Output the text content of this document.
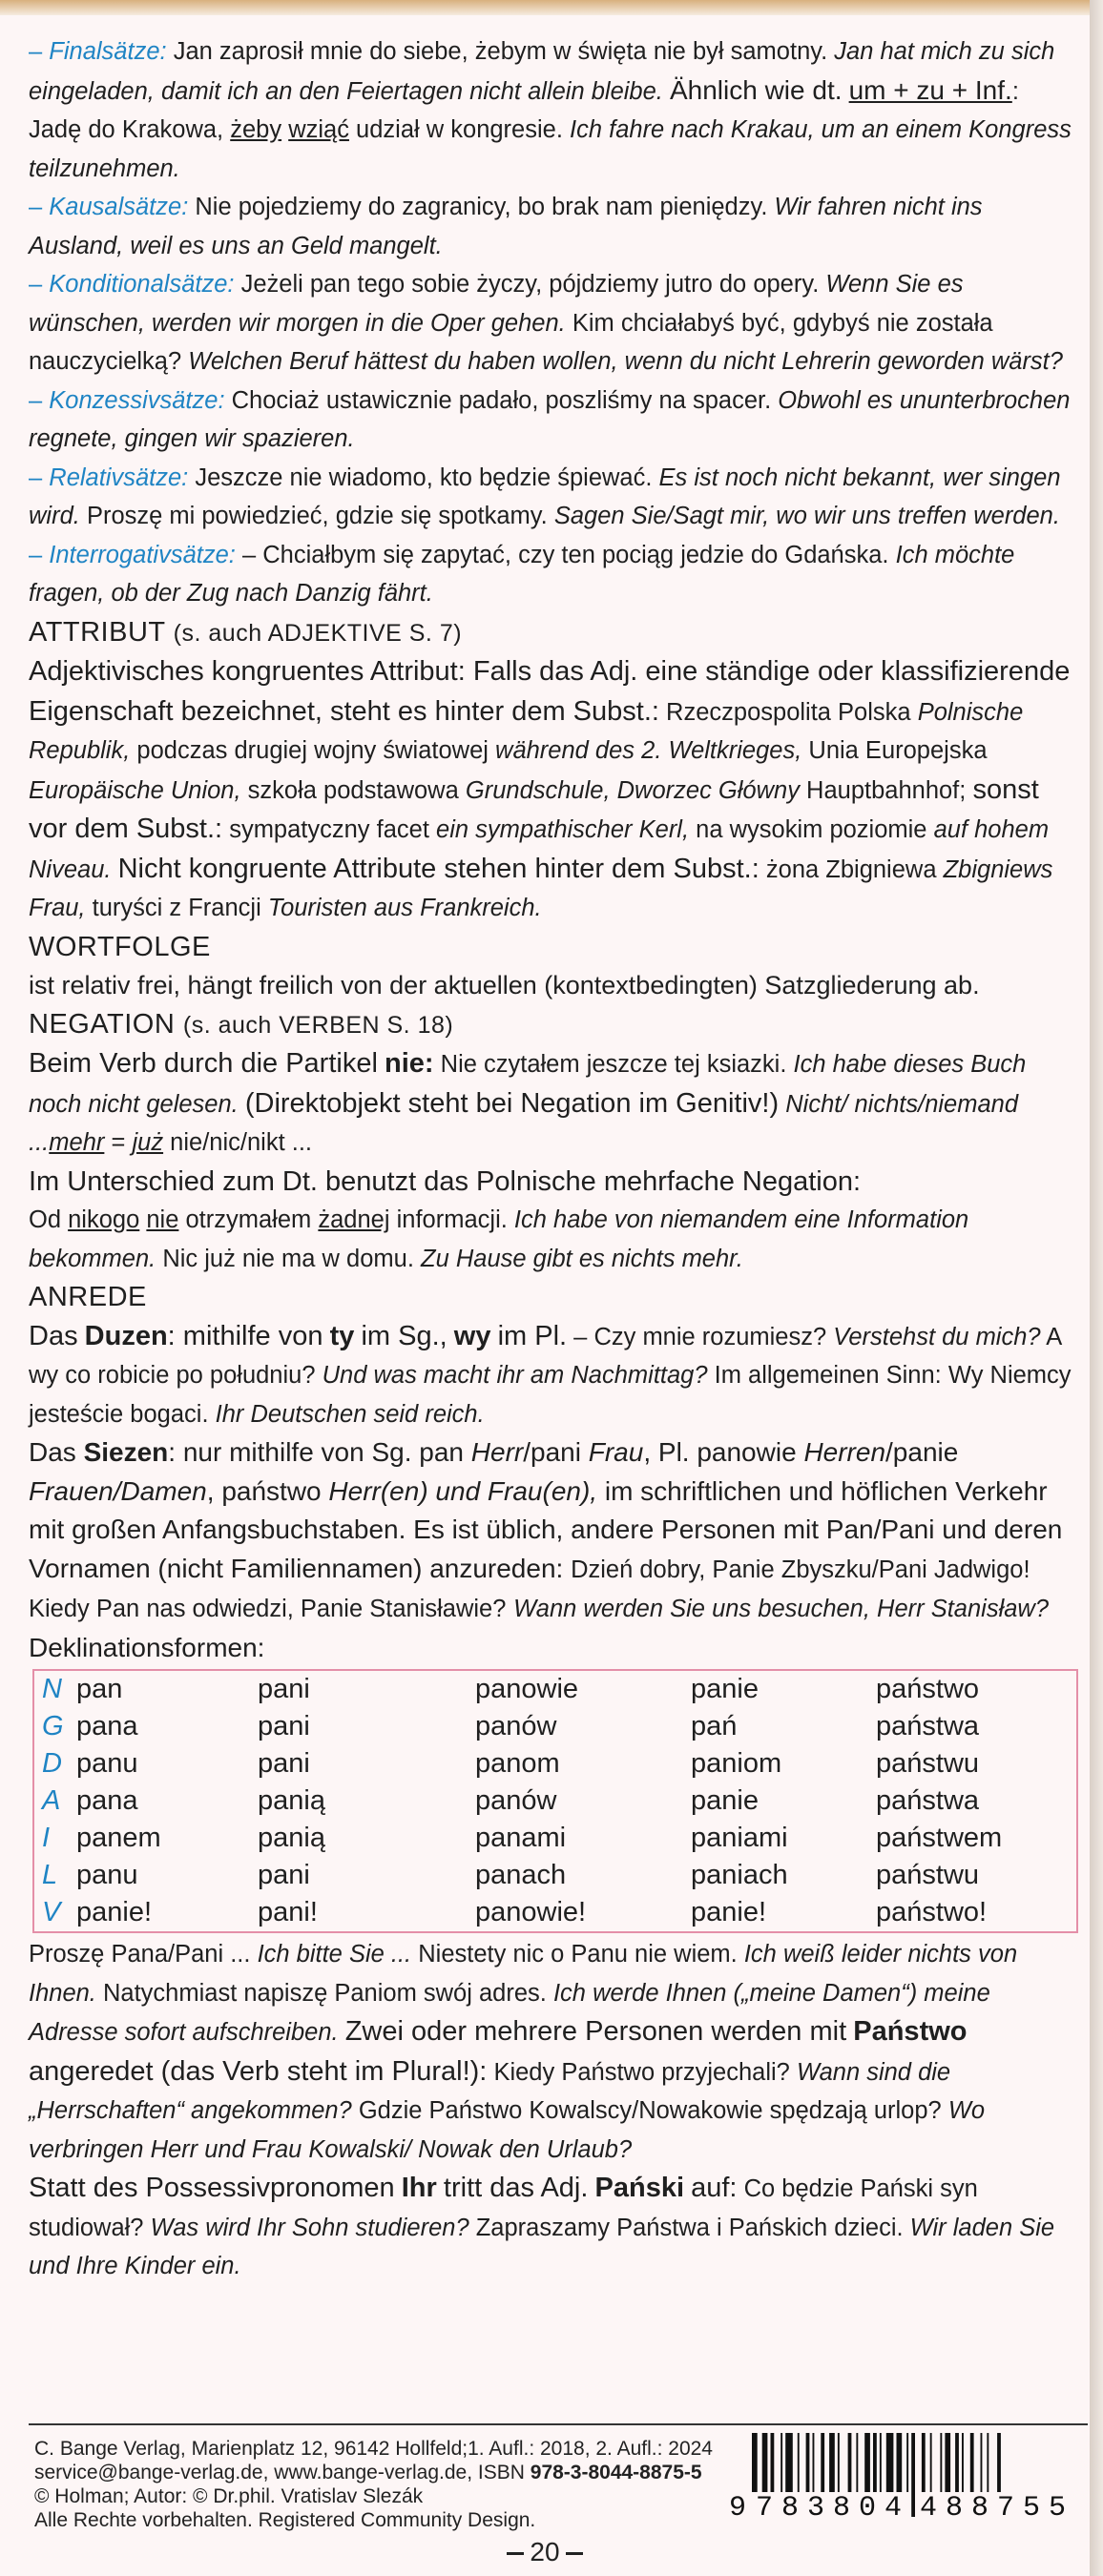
– Finalsätze: Jan zaprosił mnie do siebe, żebym w święta nie był samotny. Jan hat mich zu sich eingeladen, damit ich an den Feiertagen nicht allein bleibe. Ähnlich wie dt. um + zu + Inf.: Jadę do Krakowa, żeby wziąć udział w kongresie. Ich fahre nach Krakau, um an einem Kongress teilzunehmen.

– Kausalsätze: Nie pojedziemy do zagranicy, bo brak nam pieniędzy. Wir fahren nicht ins Ausland, weil es uns an Geld mangelt.

– Konditionalsätze: Jeżeli pan tego sobie życzy, pójdziemy jutro do opery. Wenn Sie es wünschen, werden wir morgen in die Oper gehen. Kim chciałabyś być, gdybyś nie została nauczycielką? Welchen Beruf hättest du haben wollen, wenn du nicht Lehrerin geworden wärst?

– Konzessivsätze: Chociaż ustawicznie padało, poszliśmy na spacer. Obwohl es ununterbrochen regnete, gingen wir spazieren.

– Relativsätze: Jeszcze nie wiadomo, kto będzie śpiewać. Es ist noch nicht bekannt, wer singen wird. Proszę mi powiedzieć, gdzie się spotkamy. Sagen Sie/Sagt mir, wo wir uns treffen werden.

– Interrogativsätze: – Chciałbym się zapytać, czy ten pociąg jedzie do Gdańska. Ich möchte fragen, ob der Zug nach Danzig fährt.

ATTRIBUT (s. auch ADJEKTIVE S. 7)

Adjektivisches kongruentes Attribut: Falls das Adj. eine ständige oder klassifizierende Eigenschaft bezeichnet, steht es hinter dem Subst.: Rzeczpospolita Polska Polnische Republik, podczas drugiej wojny światowej während des 2. Weltkrieges, Unia Europejska Europäische Union, szkoła podstawowa Grundschule, Dworzec Główny Hauptbahnhof; sonst vor dem Subst.: sympatyczny facet ein sympathischer Kerl, na wysokim poziomie auf hohem Niveau. Nicht kongruente Attribute stehen hinter dem Subst.: żona Zbigniewa Zbigniews Frau, turyści z Francji Touristen aus Frankreich.

WORTFOLGE

ist relativ frei, hängt freilich von der aktuellen (kontextbedingten) Satzgliederung ab.

NEGATION (s. auch VERBEN S. 18)

Beim Verb durch die Partikel nie: Nie czytałem jeszcze tej ksiazki. Ich habe dieses Buch noch nicht gelesen. (Direktobjekt steht bei Negation im Genitiv!) Nicht/ nichts/niemand ...mehr = już nie/nic/nikt ...

Im Unterschied zum Dt. benutzt das Polnische mehrfache Negation:

Od nikogo nie otrzymałem żadnej informacji. Ich habe von niemandem eine Information bekommen. Nic już nie ma w domu. Zu Hause gibt es nichts mehr.

ANREDE

Das Duzen: mithilfe von ty im Sg., wy im Pl. – Czy mnie rozumiesz? Verstehst du mich? A wy co robicie po południu? Und was macht ihr am Nachmittag? Im allgemeinen Sinn: Wy Niemcy jesteście bogaci. Ihr Deutschen seid reich.

Das Siezen: nur mithilfe von Sg. pan Herr/pani Frau, Pl. panowie Herren/panie Frauen/Damen, państwo Herr(en) und Frau(en), im schriftlichen und höflichen Verkehr mit großen Anfangsbuchstaben. Es ist üblich, andere Personen mit Pan/Pani und deren Vornamen (nicht Familiennamen) anzureden: Dzień dobry, Panie Zbyszku/Pani Jadwigo! Kiedy Pan nas odwiedzi, Panie Stanisławie? Wann werden Sie uns besuchen, Herr Stanisław? Deklinationsformen:

N	pan	pani	panowie	panie	państwo
G	pana	pani	panów	pań	państwa
D	panu	pani	panom	paniom	państwu
A	pana	panią	panów	panie	państwa
I	panem	panią	panami	paniami	państwem
L	panu	pani	panach	paniach	państwu
V	panie!	pani!	panowie!	panie!	państwo!

Proszę Pana/Pani ... Ich bitte Sie ... Niestety nic o Panu nie wiem. Ich weiß leider nichts von Ihnen. Natychmiast napiszę Paniom swój adres. Ich werde Ihnen („meine Damen“) meine Adresse sofort aufschreiben. Zwei oder mehrere Personen werden mit Państwo angeredet (das Verb steht im Plural!): Kiedy Państwo przyjechali? Wann sind die „Herrschaften“ angekommen? Gdzie Państwo Kowalscy/Nowakowie spędzają urlop? Wo verbringen Herr und Frau Kowalski/ Nowak den Urlaub?

Statt des Possessivpronomen Ihr tritt das Adj. Pański auf: Co będzie Pański syn studiował? Was wird Ihr Sohn studieren? Zapraszamy Państwa i Pańskich dzieci. Wir laden Sie und Ihre Kinder ein.

C. Bange Verlag, Marienplatz 12, 96142 Hollfeld;1. Aufl.: 2018, 2. Aufl.: 2024
service@bange-verlag.de, www.bange-verlag.de, ISBN 978-3-8044-8875-5
© Holman; Autor: © Dr.phil. Vratislav Slezák
Alle Rechte vorbehalten. Registered Community Design.	9 783804 488755
20
